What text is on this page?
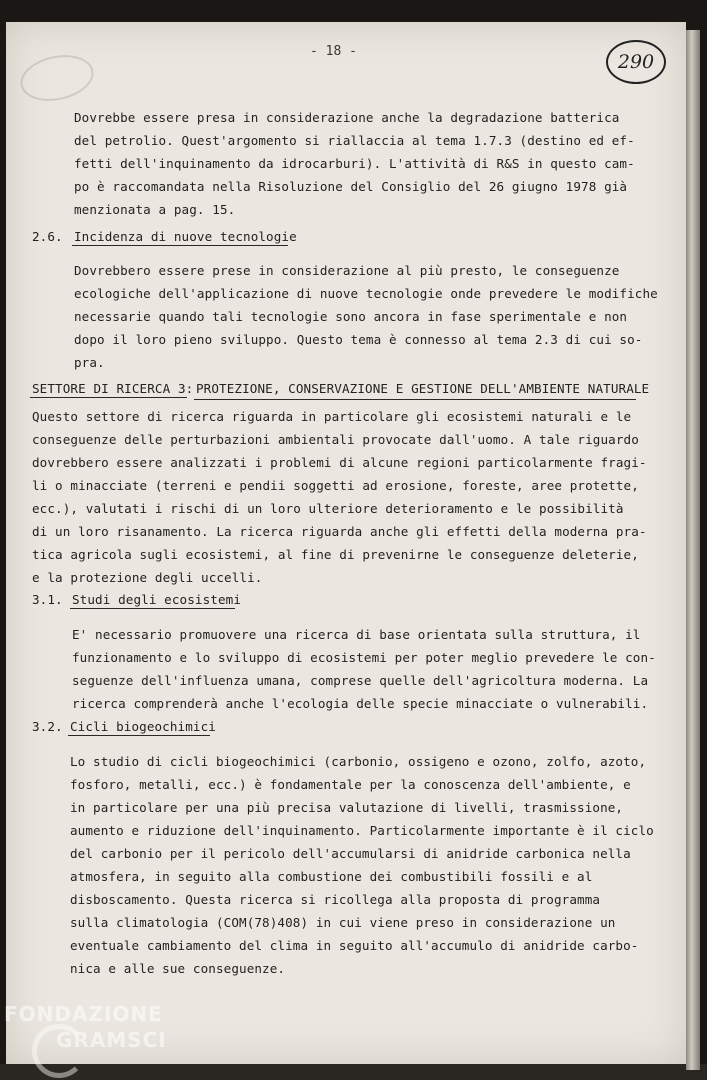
- 18 -	290
Dovrebbe essere presa in considerazione anche la degradazione batterica
del petrolio. Quest'argomento si riallaccia al tema 1.7.3 (destino ed ef-
fetti dell'inquinamento da idrocarburi). L'attività di R&S in questo cam-
po è raccomandata nella Risoluzione del Consiglio del 26 giugno 1978 già
menzionata a pag. 15.
2.6. Incidenza di nuove tecnologie
Dovrebbero essere prese in considerazione al più presto, le conseguenze
ecologiche dell'applicazione di nuove tecnologie onde prevedere le modifiche
necessarie quando tali tecnologie sono ancora in fase sperimentale e non
dopo il loro pieno sviluppo. Questo tema è connesso al tema 2.3 di cui so-
pra.
SETTORE DI RICERCA 3: PROTEZIONE, CONSERVAZIONE E GESTIONE DELL'AMBIENTE NATURALE
Questo settore di ricerca riguarda in particolare gli ecosistemi naturali e le
conseguenze delle perturbazioni ambientali provocate dall'uomo. A tale riguardo
dovrebbero essere analizzati i problemi di alcune regioni particolarmente fragi-
li o minacciate (terreni e pendii soggetti ad erosione, foreste, aree protette,
ecc.), valutati i rischi di un loro ulteriore deterioramento e le possibilità
di un loro risanamento. La ricerca riguarda anche gli effetti della moderna pra-
tica agricola sugli ecosistemi, al fine di prevenirne le conseguenze deleterie,
e la protezione degli uccelli.
3.1. Studi degli ecosistemi
E' necessario promuovere una ricerca di base orientata sulla struttura, il
funzionamento e lo sviluppo di ecosistemi per poter meglio prevedere le con-
seguenze dell'influenza umana, comprese quelle dell'agricoltura moderna. La
ricerca comprenderà anche l'ecologia delle specie minacciate o vulnerabili.
3.2. Cicli biogeochimici
Lo studio di cicli biogeochimici (carbonio, ossigeno e ozono, zolfo, azoto,
fosforo, metalli, ecc.) è fondamentale per la conoscenza dell'ambiente, e
in particolare per una più precisa valutazione di livelli, trasmissione,
aumento e riduzione dell'inquinamento. Particolarmente importante è il ciclo
del carbonio per il pericolo dell'accumularsi di anidride carbonica nella
atmosfera, in seguito alla combustione dei combustibili fossili e al
disboscamento. Questa ricerca si ricollega alla proposta di programma
sulla climatologia (COM(78)408) in cui viene preso in considerazione un
eventuale cambiamento del clima in seguito all'accumulo di anidride carbo-
nica e alle sue conseguenze.
FONDAZIONE
GRAMSCI
